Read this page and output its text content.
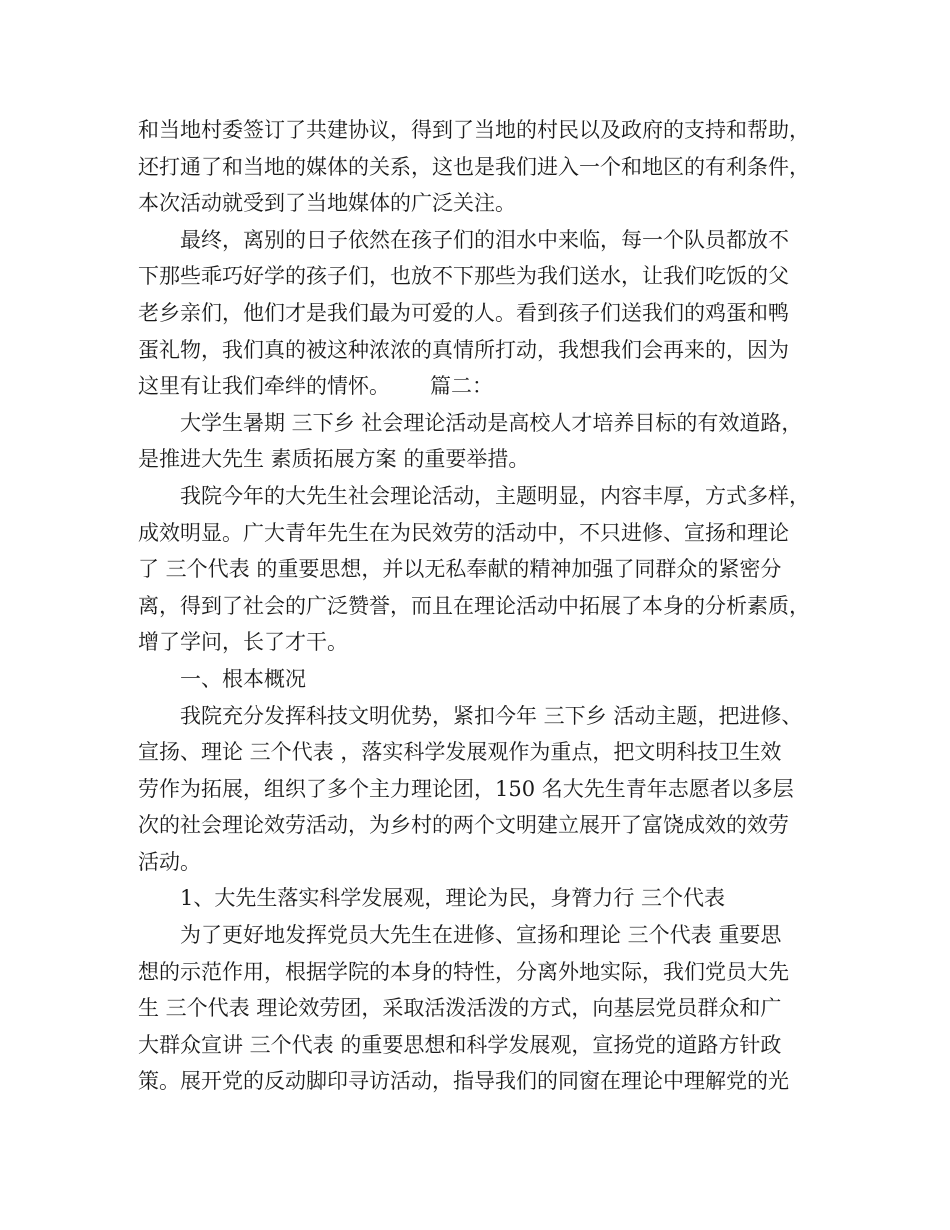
和当地村委签订了共建协议，得到了当地的村民以及政府的支持和帮助，
还打通了和当地的媒体的关系，这也是我们进入一个和地区的有利条件，
本次活动就受到了当地媒体的广泛关注。
最终，离别的日子依然在孩子们的泪水中来临，每一个队员都放不
下那些乖巧好学的孩子们，也放不下那些为我们送水，让我们吃饭的父
老乡亲们，他们才是我们最为可爱的人。看到孩子们送我们的鸡蛋和鸭
蛋礼物，我们真的被这种浓浓的真情所打动，我想我们会再来的，因为
这里有让我们牵绊的情怀。      篇二：
大学生暑期 三下乡 社会理论活动是高校人才培养目标的有效道路，
是推进大先生 素质拓展方案 的重要举措。
我院今年的大先生社会理论活动，主题明显，内容丰厚，方式多样，
成效明显。广大青年先生在为民效劳的活动中，不只进修、宣扬和理论
了 三个代表 的重要思想，并以无私奉献的精神加强了同群众的紧密分
离，得到了社会的广泛赞誉，而且在理论活动中拓展了本身的分析素质，
增了学问，长了才干。
一、根本概况
我院充分发挥科技文明优势，紧扣今年 三下乡 活动主题，把进修、
宣扬、理论 三个代表 ，落实科学发展观作为重点，把文明科技卫生效
劳作为拓展，组织了多个主力理论团，150 名大先生青年志愿者以多层
次的社会理论效劳活动，为乡村的两个文明建立展开了富饶成效的效劳
活动。
1、大先生落实科学发展观，理论为民，身膂力行 三个代表
为了更好地发挥党员大先生在进修、宣扬和理论 三个代表 重要思
想的示范作用，根据学院的本身的特性，分离外地实际，我们党员大先
生 三个代表 理论效劳团，采取活泼活泼的方式，向基层党员群众和广
大群众宣讲 三个代表 的重要思想和科学发展观，宣扬党的道路方针政
策。展开党的反动脚印寻访活动，指导我们的同窗在理论中理解党的光
